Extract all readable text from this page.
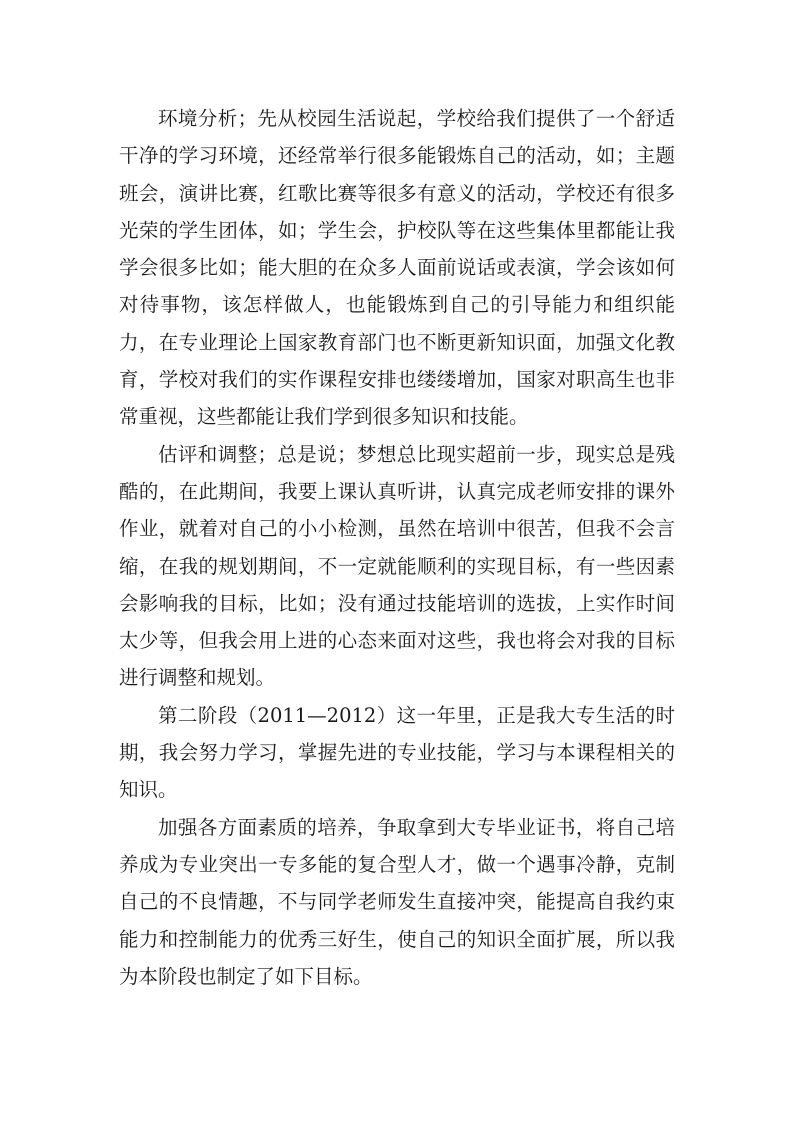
环境分析；先从校园生活说起，学校给我们提供了一个舒适干净的学习环境，还经常举行很多能锻炼自己的活动，如；主题班会，演讲比赛，红歌比赛等很多有意义的活动，学校还有很多光荣的学生团体，如；学生会，护校队等在这些集体里都能让我学会很多比如；能大胆的在众多人面前说话或表演，学会该如何对待事物，该怎样做人，也能锻炼到自己的引导能力和组织能力，在专业理论上国家教育部门也不断更新知识面，加强文化教育，学校对我们的实作课程安排也缕缕增加，国家对职高生也非常重视，这些都能让我们学到很多知识和技能。

估评和调整；总是说；梦想总比现实超前一步，现实总是残酷的，在此期间，我要上课认真听讲，认真完成老师安排的课外作业，就着对自己的小小检测，虽然在培训中很苦，但我不会言缩，在我的规划期间，不一定就能顺利的实现目标，有一些因素会影响我的目标，比如；没有通过技能培训的选拔，上实作时间太少等，但我会用上进的心态来面对这些，我也将会对我的目标进行调整和规划。

第二阶段（2011—2012）这一年里，正是我大专生活的时期，我会努力学习，掌握先进的专业技能，学习与本课程相关的知识。

加强各方面素质的培养，争取拿到大专毕业证书，将自己培养成为专业突出一专多能的复合型人才，做一个遇事冷静，克制自己的不良情趣，不与同学老师发生直接冲突，能提高自我约束能力和控制能力的优秀三好生，使自己的知识全面扩展，所以我为本阶段也制定了如下目标。
